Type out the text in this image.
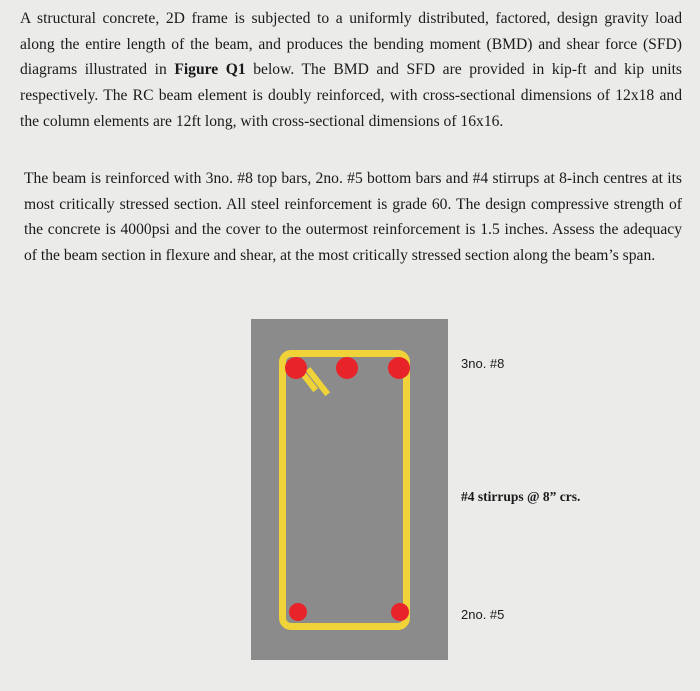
A structural concrete, 2D frame is subjected to a uniformly distributed, factored, design gravity load along the entire length of the beam, and produces the bending moment (BMD) and shear force (SFD) diagrams illustrated in Figure Q1 below. The BMD and SFD are provided in kip-ft and kip units respectively. The RC beam element is doubly reinforced, with cross-sectional dimensions of 12x18 and the column elements are 12ft long, with cross-sectional dimensions of 16x16.

The beam is reinforced with 3no. #8 top bars, 2no. #5 bottom bars and #4 stirrups at 8-inch centres at its most critically stressed section. All steel reinforcement is grade 60. The design compressive strength of the concrete is 4000psi and the cover to the outermost reinforcement is 1.5 inches. Assess the adequacy of the beam section in flexure and shear, at the most critically stressed section along the beam’s span.

3no. #8
#4 stirrups @ 8” crs.
2no. #5
